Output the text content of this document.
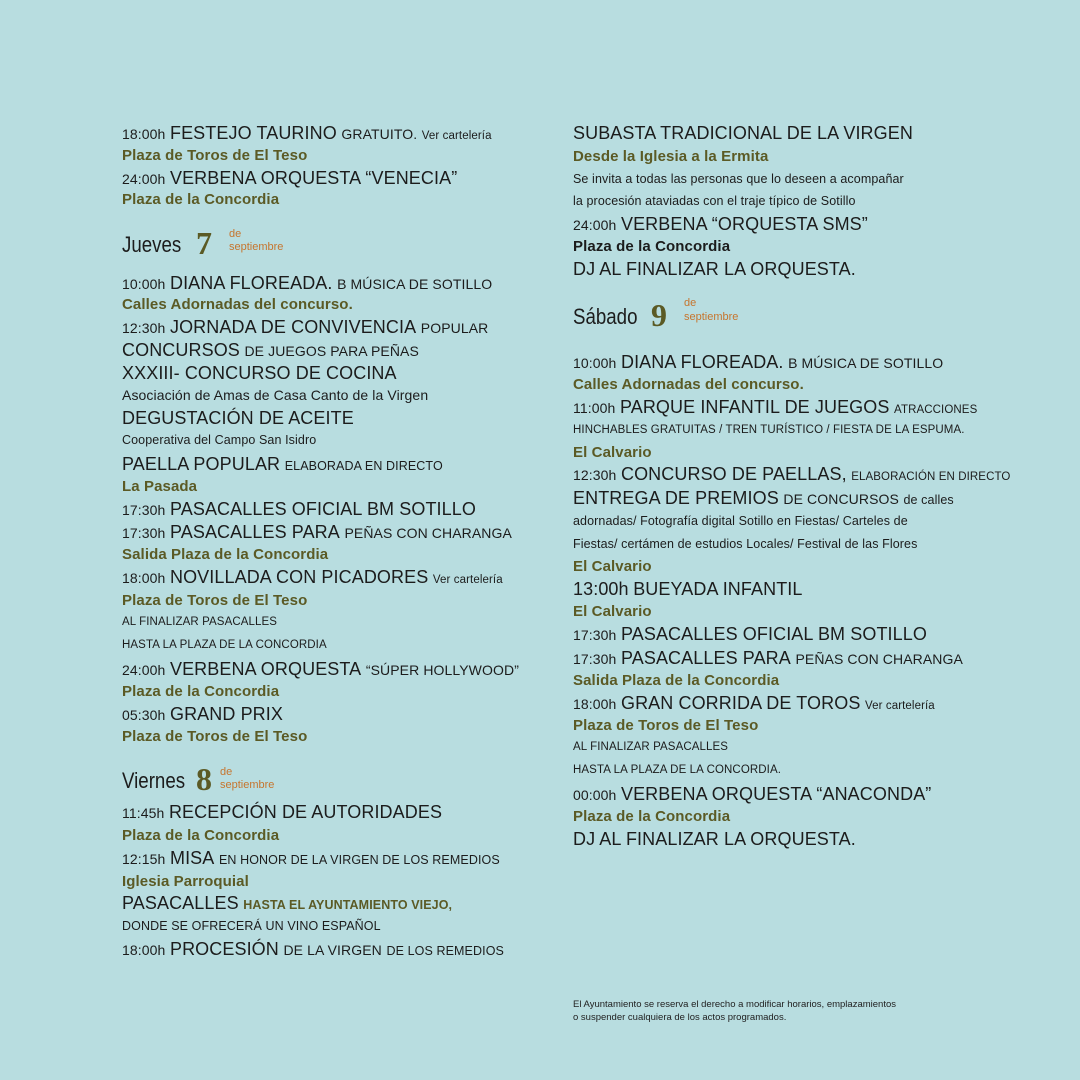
18:00h FESTEJO TAURINO GRATUITO. Ver cartelería
Plaza de Toros de El Teso
24:00h VERBENA ORQUESTA “VENECIA”
Plaza de la Concordia
Jueves 7 de
septiembre
10:00h DIANA FLOREADA. B MÚSICA DE SOTILLO
Calles Adornadas del concurso.
12:30h JORNADA DE CONVIVENCIA POPULAR
CONCURSOS DE JUEGOS PARA PEÑAS
XXXIII- CONCURSO DE COCINA
Asociación de Amas de Casa Canto de la Virgen
DEGUSTACIÓN DE ACEITE
Cooperativa del Campo San Isidro
PAELLA POPULAR ELABORADA EN DIRECTO
La Pasada
17:30h PASACALLES OFICIAL BM SOTILLO
17:30h PASACALLES PARA PEÑAS CON CHARANGA
Salida Plaza de la Concordia
18:00h NOVILLADA CON PICADORES Ver cartelería
Plaza de Toros de El Teso
AL FINALIZAR PASACALLES
HASTA LA PLAZA DE LA CONCORDIA
24:00h VERBENA ORQUESTA “SÚPER HOLLYWOOD”
Plaza de la Concordia
05:30h GRAND PRIX
Plaza de Toros de El Teso
Viernes 8 de
septiembre
11:45h RECEPCIÓN DE AUTORIDADES
Plaza de la Concordia
12:15h MISA EN HONOR DE LA VIRGEN DE LOS REMEDIOS
Iglesia Parroquial
PASACALLES HASTA EL AYUNTAMIENTO VIEJO,
DONDE SE OFRECERÁ UN VINO ESPAÑOL
18:00h PROCESIÓN DE LA VIRGEN DE LOS REMEDIOS
SUBASTA TRADICIONAL DE LA VIRGEN
Desde la Iglesia a la Ermita
Se invita a todas las personas que lo deseen a acompañar
la procesión ataviadas con el traje típico de Sotillo
24:00h VERBENA “ORQUESTA SMS”
Plaza de la Concordia
DJ AL FINALIZAR LA ORQUESTA.
Sábado 9 de
septiembre
10:00h DIANA FLOREADA. B MÚSICA DE SOTILLO
Calles Adornadas del concurso.
11:00h PARQUE INFANTIL DE JUEGOS ATRACCIONES
HINCHABLES GRATUITAS / TREN TURÍSTICO / FIESTA DE LA ESPUMA.
El Calvario
12:30h CONCURSO DE PAELLAS, ELABORACIÓN EN DIRECTO
ENTREGA DE PREMIOS DE CONCURSOS de calles
adornadas/ Fotografía digital Sotillo en Fiestas/ Carteles de
Fiestas/ certámen de estudios Locales/ Festival de las Flores
El Calvario
13:00h BUEYADA INFANTIL
El Calvario
17:30h PASACALLES OFICIAL BM SOTILLO
17:30h PASACALLES PARA PEÑAS CON CHARANGA
Salida Plaza de la Concordia
18:00h GRAN CORRIDA DE TOROS Ver cartelería
Plaza de Toros de El Teso
AL FINALIZAR PASACALLES
HASTA LA PLAZA DE LA CONCORDIA.
00:00h VERBENA ORQUESTA “ANACONDA”
Plaza de la Concordia
DJ AL FINALIZAR LA ORQUESTA.
El Ayuntamiento se reserva el derecho a modificar horarios, emplazamientos
o suspender cualquiera de los actos programados.
